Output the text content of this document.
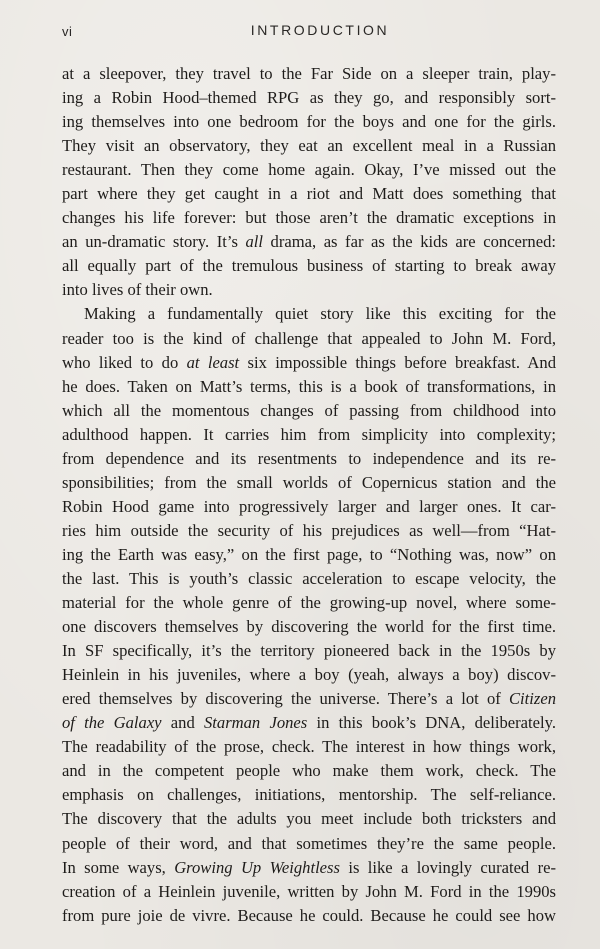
vi	INTRODUCTION
at a sleepover, they travel to the Far Side on a sleeper train, play-
ing a Robin Hood–themed RPG as they go, and responsibly sort-
ing themselves into one bedroom for the boys and one for the girls.
They visit an observatory, they eat an excellent meal in a Russian
restaurant. Then they come home again. Okay, I’ve missed out the
part where they get caught in a riot and Matt does something that
changes his life forever: but those aren’t the dramatic exceptions in
an un-dramatic story. It’s all drama, as far as the kids are concerned:
all equally part of the tremulous business of starting to break away
into lives of their own.
Making a fundamentally quiet story like this exciting for the
reader too is the kind of challenge that appealed to John M. Ford,
who liked to do at least six impossible things before breakfast. And
he does. Taken on Matt’s terms, this is a book of transformations, in
which all the momentous changes of passing from childhood into
adulthood happen. It carries him from simplicity into complexity;
from dependence and its resentments to independence and its re-
sponsibilities; from the small worlds of Copernicus station and the
Robin Hood game into progressively larger and larger ones. It car-
ries him outside the security of his prejudices as well—from “Hat-
ing the Earth was easy,” on the first page, to “Nothing was, now” on
the last. This is youth’s classic acceleration to escape velocity, the
material for the whole genre of the growing-up novel, where some-
one discovers themselves by discovering the world for the first time.
In SF specifically, it’s the territory pioneered back in the 1950s by
Heinlein in his juveniles, where a boy (yeah, always a boy) discov-
ered themselves by discovering the universe. There’s a lot of Citizen
of the Galaxy and Starman Jones in this book’s DNA, deliberately.
The readability of the prose, check. The interest in how things work,
and in the competent people who make them work, check. The
emphasis on challenges, initiations, mentorship. The self-reliance.
The discovery that the adults you meet include both tricksters and
people of their word, and that sometimes they’re the same people.
In some ways, Growing Up Weightless is like a lovingly curated re-
creation of a Heinlein juvenile, written by John M. Ford in the 1990s
from pure joie de vivre. Because he could. Because he could see how
